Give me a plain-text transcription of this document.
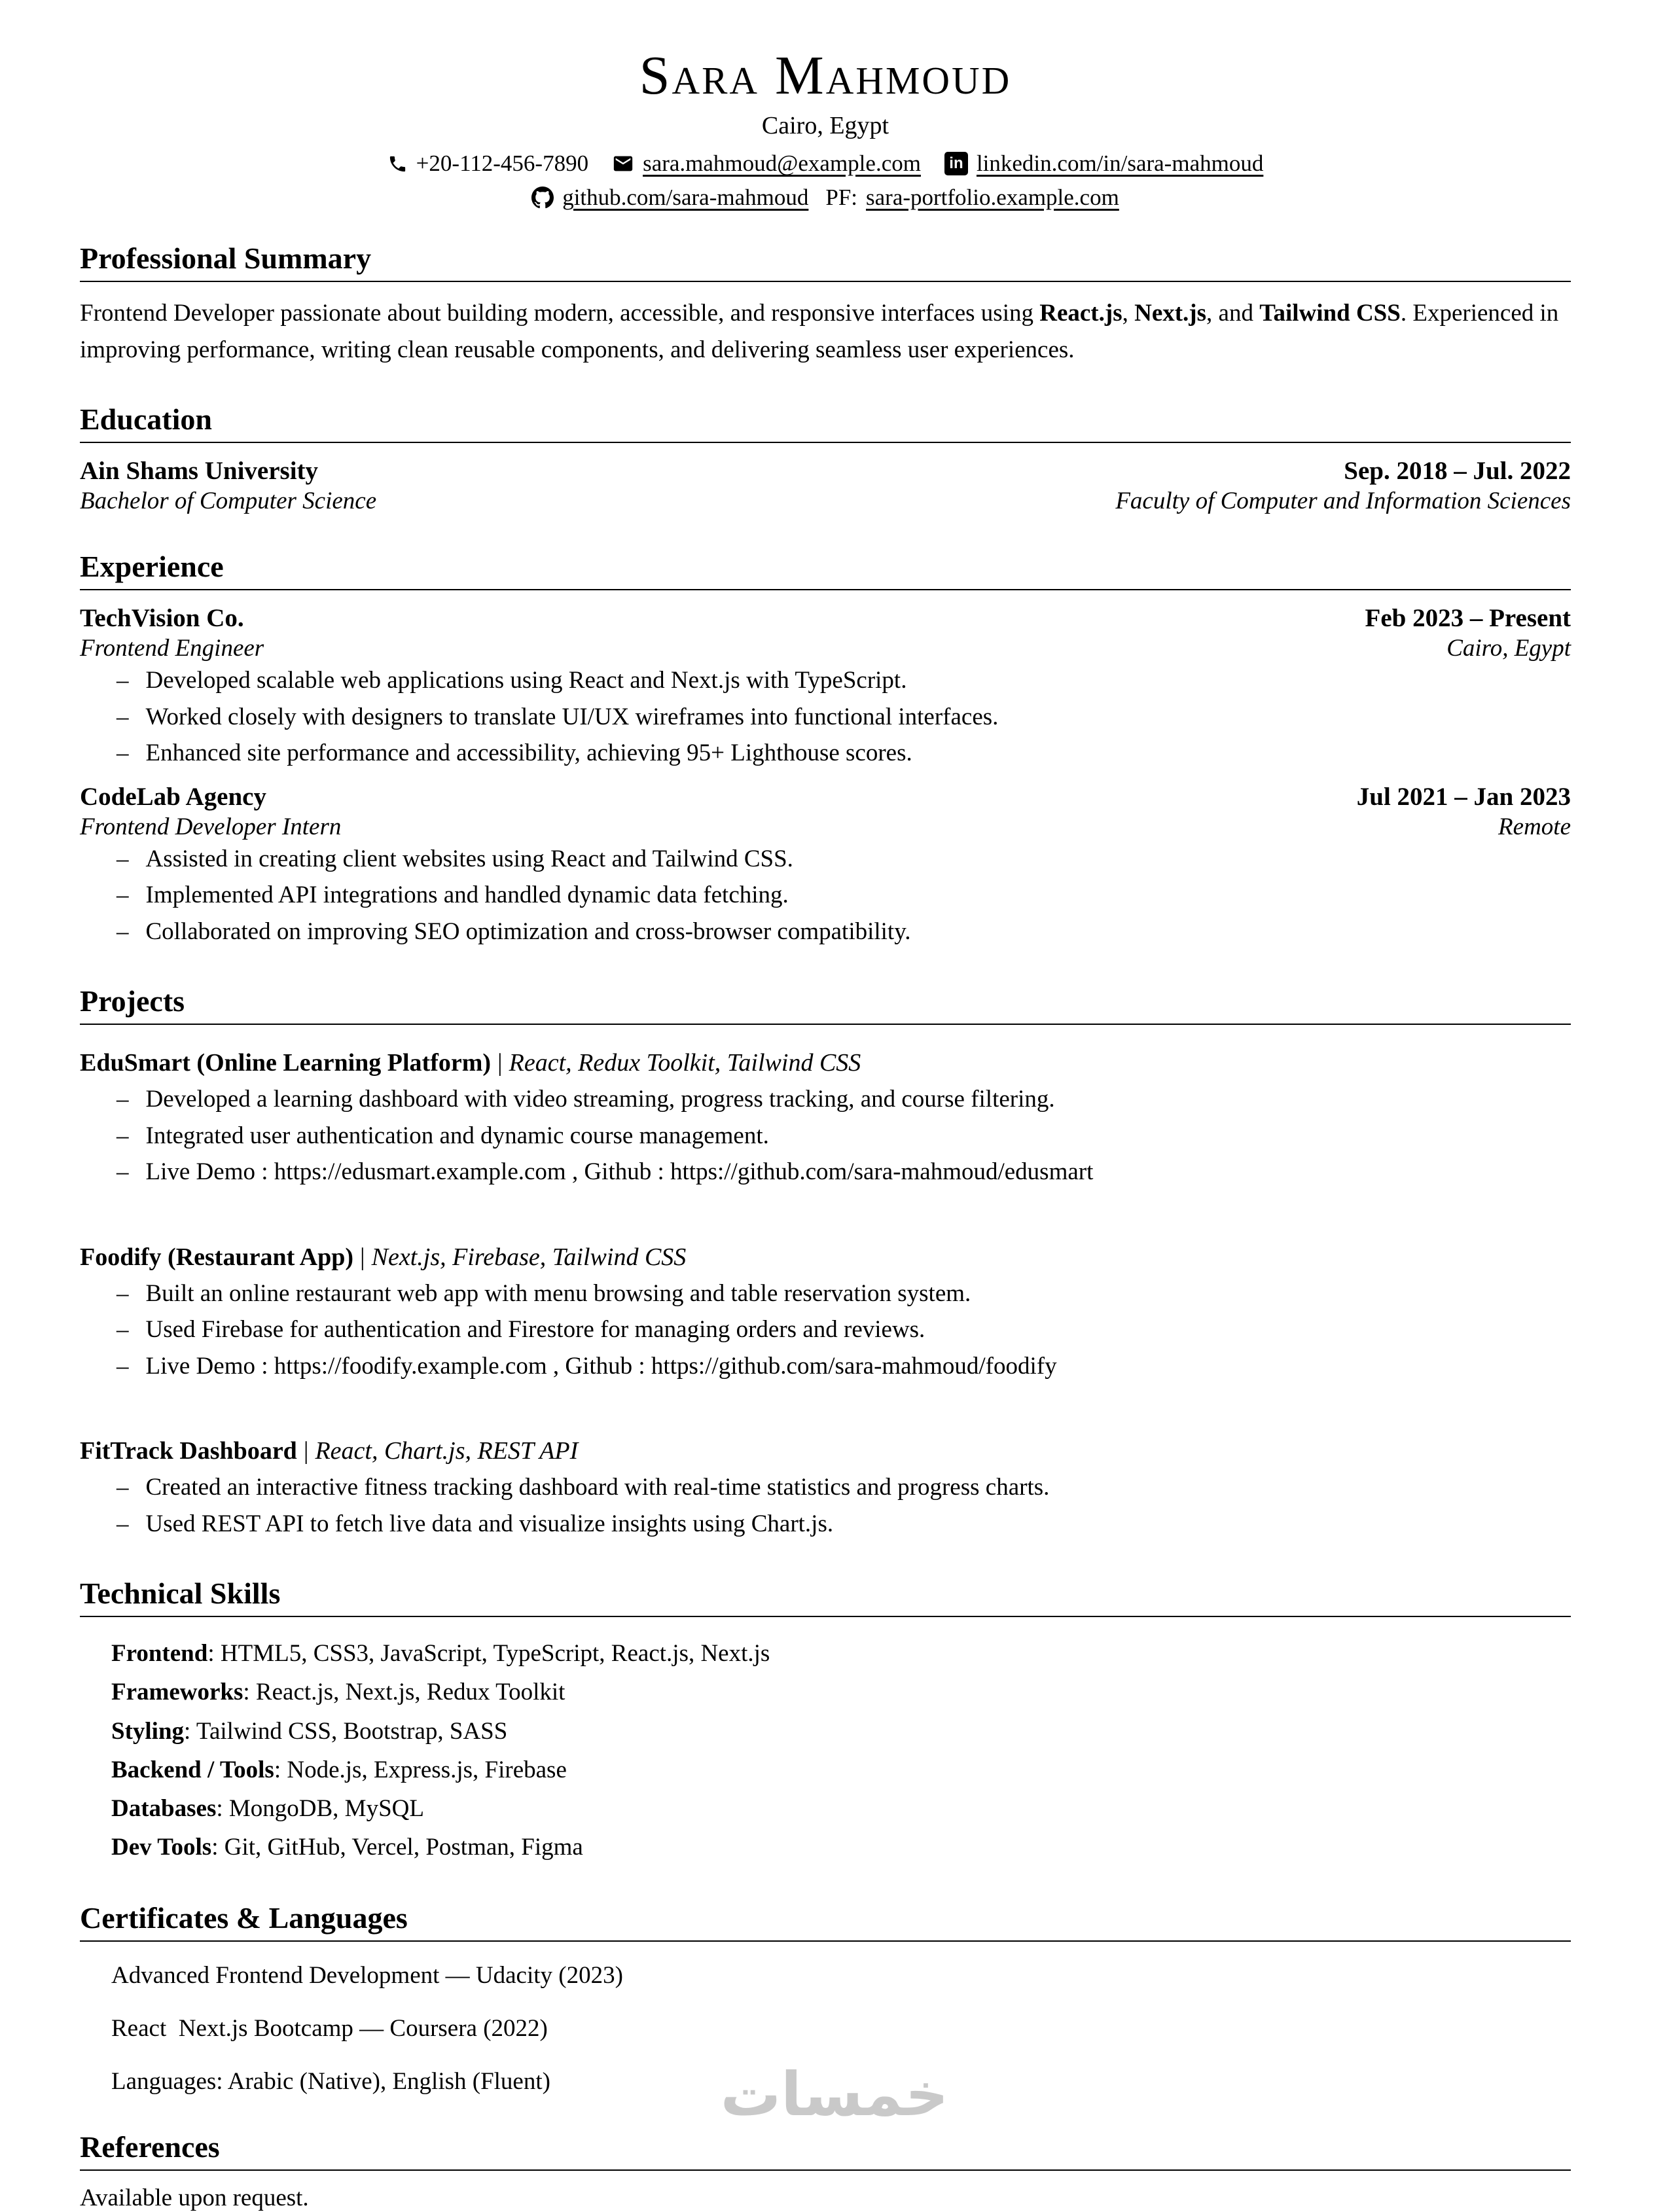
Sara Mahmoud
Cairo, Egypt
+20-112-456-7890 sara.mahmoud@example.com	in linkedin.com/in/sara-mahmoud
github.com/sara-mahmoud PF: sara-portfolio.example.com
Professional Summary

Frontend Developer passionate about building modern, accessible, and responsive interfaces using React.js, Next.js, and Tailwind CSS. Experienced in improving performance, writing clean reusable components, and delivering seamless user experiences.

Education
Ain Shams University	Sep. 2018 – Jul. 2022
Bachelor of Computer Science	Faculty of Computer and Information Sciences
Experience
TechVision Co.	Feb 2023 – Present
Frontend Engineer	Cairo, Egypt
– Developed scalable web applications using React and Next.js with TypeScript.
– Worked closely with designers to translate UI/UX wireframes into functional interfaces.
– Enhanced site performance and accessibility, achieving 95+ Lighthouse scores.
CodeLab Agency	Jul 2021 – Jan 2023
Frontend Developer Intern	Remote
– Assisted in creating client websites using React and Tailwind CSS.
– Implemented API integrations and handled dynamic data fetching.
– Collaborated on improving SEO optimization and cross-browser compatibility.
Projects
EduSmart (Online Learning Platform) | React, Redux Toolkit, Tailwind CSS
– Developed a learning dashboard with video streaming, progress tracking, and course filtering.
– Integrated user authentication and dynamic course management.
– Live Demo : https://edusmart.example.com , Github : https://github.com/sara-mahmoud/edusmart
Foodify (Restaurant App) | Next.js, Firebase, Tailwind CSS
– Built an online restaurant web app with menu browsing and table reservation system.
– Used Firebase for authentication and Firestore for managing orders and reviews.
– Live Demo : https://foodify.example.com , Github : https://github.com/sara-mahmoud/foodify
FitTrack Dashboard | React, Chart.js, REST API
– Created an interactive fitness tracking dashboard with real-time statistics and progress charts.
– Used REST API to fetch live data and visualize insights using Chart.js.
Technical Skills
Frontend : HTML5, CSS3, JavaScript, TypeScript, React.js, Next.js
Frameworks : React.js, Next.js, Redux Toolkit
Styling : Tailwind CSS, Bootstrap, SASS
Backend / Tools : Node.js, Express.js, Firebase
Databases : MongoDB, MySQL
Dev Tools : Git, GitHub, Vercel, Postman, Figma
Certificates & Languages

Advanced Frontend Development — Udacity (2023)

React  Next.js Bootcamp — Coursera (2022)

Languages: Arabic (Native), English (Fluent)

References

Available upon request.

خمسات
